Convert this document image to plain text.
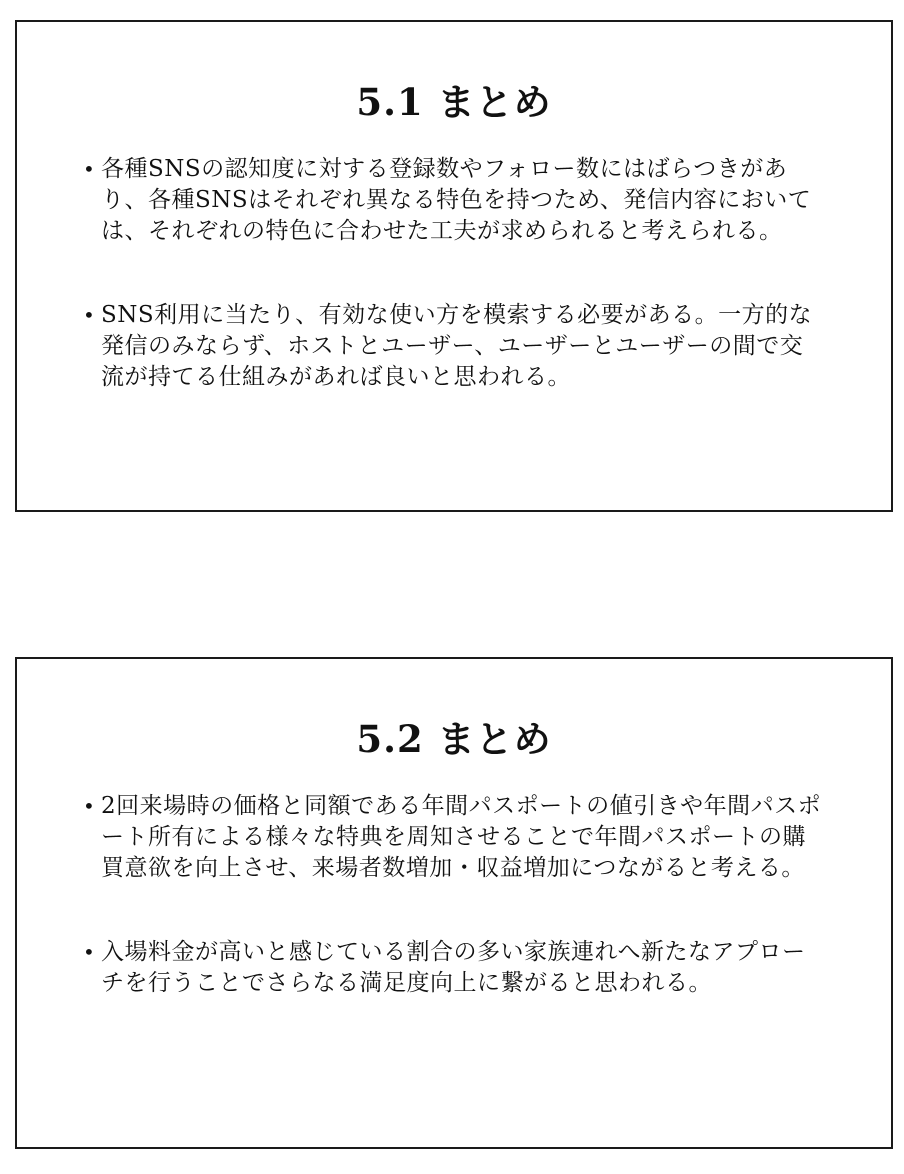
5.1 まとめ
• 各種SNSの認知度に対する登録数やフォロー数にはばらつきがあり、各種SNSはそれぞれ異なる特色を持つため、発信内容においては、それぞれの特色に合わせた工夫が求められると考えられる。
• SNS利用に当たり、有効な使い方を模索する必要がある。一方的な発信のみならず、ホストとユーザー、ユーザーとユーザーの間で交流が持てる仕組みがあれば良いと思われる。
5.2 まとめ
• 2回来場時の価格と同額である年間パスポートの値引きや年間パスポート所有による様々な特典を周知させることで年間パスポートの購買意欲を向上させ、来場者数増加・収益増加につながると考える。
• 入場料金が高いと感じている割合の多い家族連れへ新たなアプローチを行うことでさらなる満足度向上に繋がると思われる。
